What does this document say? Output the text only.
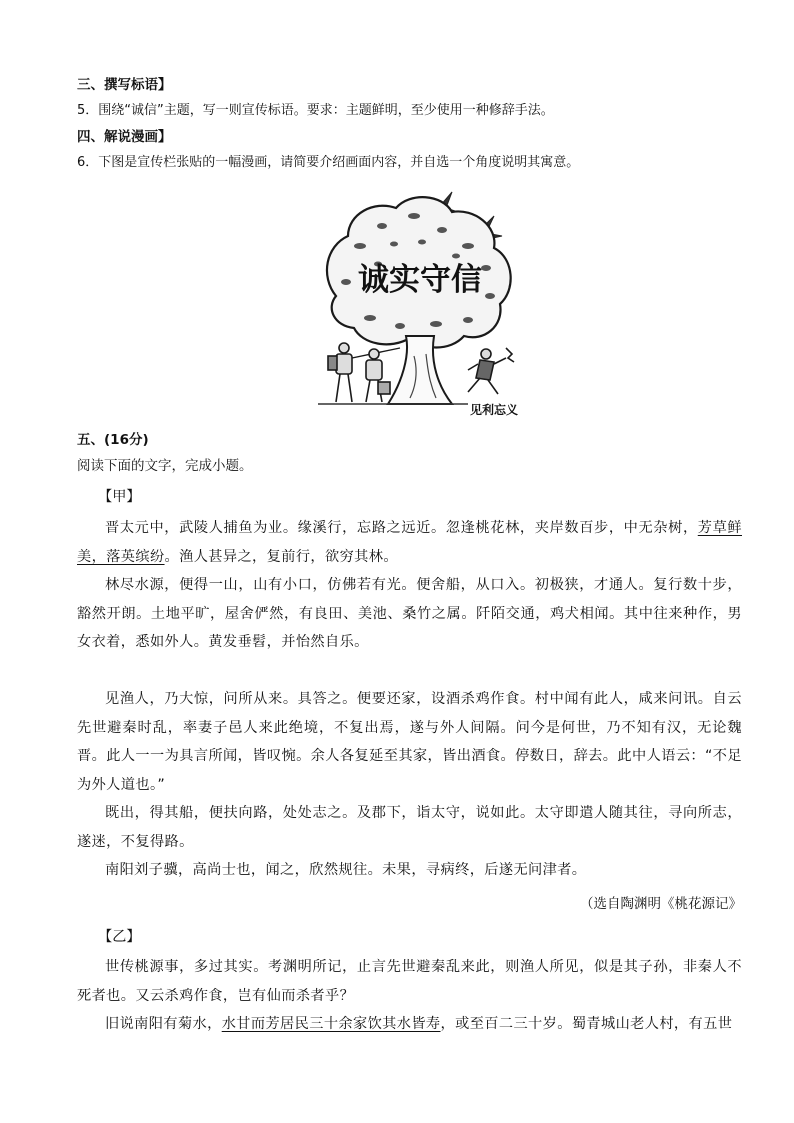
三、撰写标语】
5．围绕“诚信”主题，写一则宣传标语。要求：主题鲜明，至少使用一种修辞手法。
四、解说漫画】
6．下图是宣传栏张贴的一幅漫画，请简要介绍画面内容，并自选一个角度说明其寓意。
诚实守信
见利忘义
五、(16分)
阅读下面的文字，完成小题。
【甲】
晋太元中，武陵人捕鱼为业。缘溪行，忘路之远近。忽逢桃花林，夹岸数百步，中无杂树，芳草鲜美，落英缤纷。渔人甚异之，复前行，欲穷其林。
林尽水源，便得一山，山有小口，仿佛若有光。便舍船，从口入。初极狭，才通人。复行数十步，豁然开朗。土地平旷，屋舍俨然，有良田、美池、桑竹之属。阡陌交通，鸡犬相闻。其中往来种作，男女衣着，悉如外人。黄发垂髫，并怡然自乐。
见渔人，乃大惊，问所从来。具答之。便要还家，设酒杀鸡作食。村中闻有此人，咸来问讯。自云先世避秦时乱，率妻子邑人来此绝境，不复出焉，遂与外人间隔。问今是何世，乃不知有汉，无论魏晋。此人一一为具言所闻，皆叹惋。余人各复延至其家，皆出酒食。停数日，辞去。此中人语云：“不足为外人道也。”
既出，得其船，便扶向路，处处志之。及郡下，诣太守，说如此。太守即遣人随其往，寻向所志，遂迷，不复得路。
南阳刘子骥，高尚士也，闻之，欣然规往。未果，寻病终，后遂无问津者。
（选自陶渊明《桃花源记》
【乙】
世传桃源事，多过其实。考渊明所记，止言先世避秦乱来此，则渔人所见，似是其子孙，非秦人不死者也。又云杀鸡作食，岂有仙而杀者乎？
旧说南阳有菊水，水甘而芳居民三十余家饮其水皆寿，或至百二三十岁。蜀青城山老人村，有五世
